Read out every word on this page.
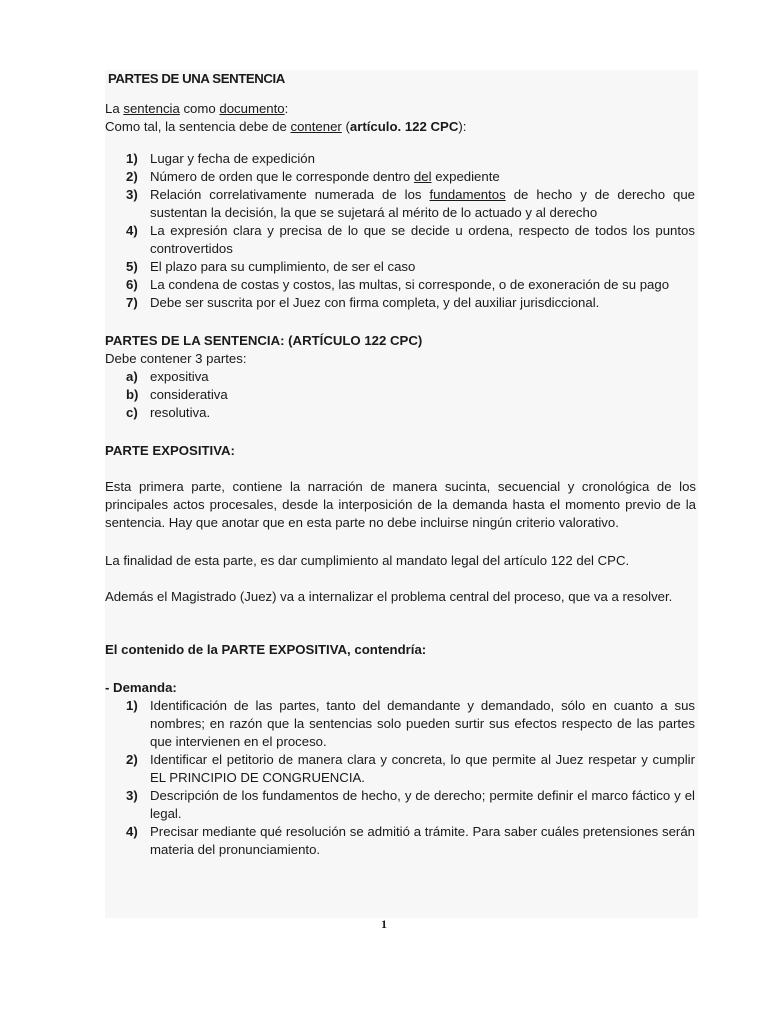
PARTES DE UNA SENTENCIA
La sentencia como documento:
Como tal, la sentencia debe de contener (artículo. 122 CPC):
1) Lugar y fecha de expedición
2) Número de orden que le corresponde dentro del expediente
3) Relación correlativamente numerada de los fundamentos de hecho y de derecho que sustentan la decisión, la que se sujetará al mérito de lo actuado y al derecho
4) La expresión clara y precisa de lo que se decide u ordena, respecto de todos los puntos controvertidos
5) El plazo para su cumplimiento, de ser el caso
6) La condena de costas y costos, las multas, si corresponde, o de exoneración de su pago
7) Debe ser suscrita por el Juez con firma completa, y del auxiliar jurisdiccional.
PARTES DE LA SENTENCIA: (ARTÍCULO 122 CPC)
Debe contener 3 partes:
a) expositiva
b) considerativa
c) resolutiva.
PARTE EXPOSITIVA:
Esta primera parte, contiene la narración de manera sucinta, secuencial y cronológica de los principales actos procesales, desde la interposición de la demanda hasta el momento previo de la sentencia. Hay que anotar que en esta parte no debe incluirse ningún criterio valorativo.
La finalidad de esta parte, es dar cumplimiento al mandato legal del artículo 122 del CPC.
Además el Magistrado (Juez) va a internalizar el problema central del proceso, que va a resolver.
El contenido de la PARTE EXPOSITIVA, contendría:
- Demanda:
1) Identificación de las partes, tanto del demandante y demandado, sólo en cuanto a sus nombres; en razón que la sentencias solo pueden surtir sus efectos respecto de las partes que intervienen en el proceso.
2) Identificar el petitorio de manera clara y concreta, lo que permite al Juez respetar y cumplir EL PRINCIPIO DE CONGRUENCIA.
3) Descripción de los fundamentos de hecho, y de derecho; permite definir el marco fáctico y el legal.
4) Precisar mediante qué resolución se admitió a trámite. Para saber cuáles pretensiones serán materia del pronunciamiento.
1
